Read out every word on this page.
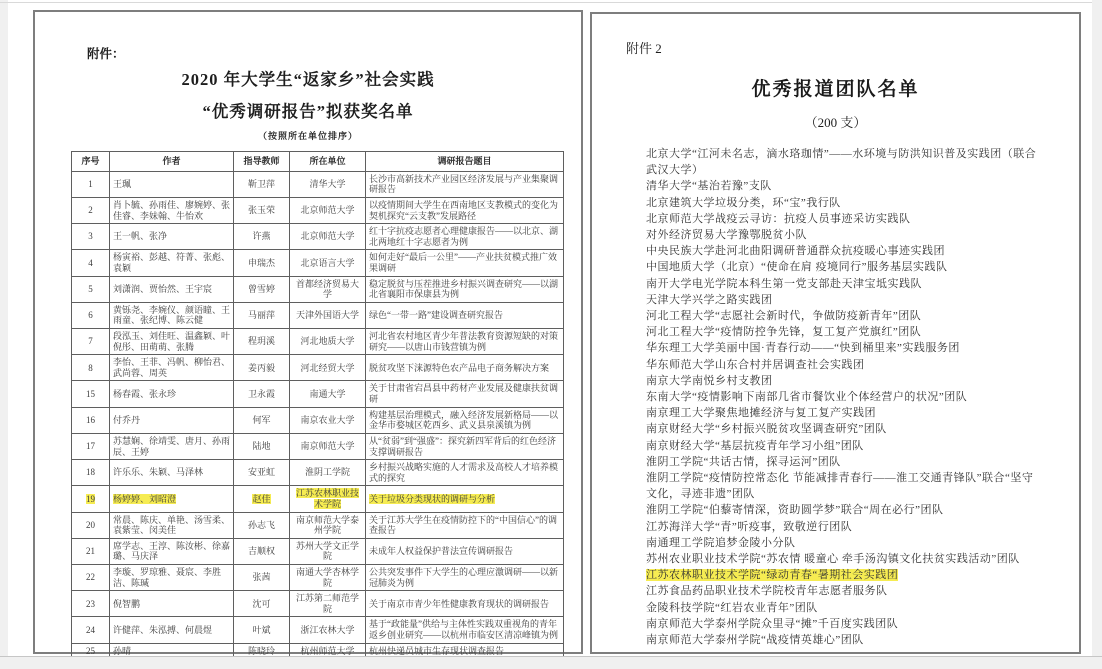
附件：
2020 年大学生“返家乡”社会实践
“优秀调研报告”拟获奖名单
（按照所在单位排序）
序号	作者	指导教师	所在单位	调研报告题目
1	王珮	靳卫萍	清华大学	长沙市高新技术产业园区经济发展与产业集聚调研报告
2	肖卜毓、孙雨佳、廖婉婷、张佳睿、李妹翰、牛怡欢	张玉荣	北京师范大学	以疫情期间大学生在西南地区支教模式的变化为契机探究“云支教”发展路径
3	王一帆、张净	许燕	北京师范大学	红十字抗疫志愿者心理健康报告——以北京、湖北两地红十字志愿者为例
4	杨寅裕、彭越、符菁、张彪、袁颖	申瑞杰	北京语言大学	如何走好“最后一公里”——产业扶贫模式推广效果调研
5	刘潇润、贾怡然、王宇宸	曾雪婷	首都经济贸易大学	稳定脱贫与压茬推进乡村振兴调查研究——以湖北省襄阳市保康县为例
6	黄铄尧、李婉仪、颜语瞳、王雨童、张纪博、陈云健	马丽萍	天津外国语大学	绿色“一带一路”建设调查研究报告
7	段泓玉、刘佳旺、温鑫颖、叶倪彤、田萌萌、张腾	程玥溪	河北地质大学	河北省农村地区青少年普法教育资源短缺的对策研究——以唐山市钱营镇为例
8	李怡、王菲、冯帆、柳怡君、武尚蓉、周英	姜丙毅	河北经贸大学	脱贫攻坚下涞源特色农产品电子商务解决方案
15	杨春霞、张永珍	卫永霞	南通大学	关于甘肃省宕昌县中药材产业发展及健康扶贫调研
16	付乔丹	何军	南京农业大学	构建基层治理模式，融入经济发展新格局——以金华市婺城区乾西乡、武义县泉溪镇为例
17	苏慧娴、徐靖雯、唐月、孙雨辰、王婷	陆地	南京师范大学	从“贫弱”到“强盛”：探究新四军背后的红色经济支撑调研报告
18	许乐乐、朱颖、马泽林	安亚虹	淮阴工学院	乡村振兴战略实施的人才需求及高校人才培养模式的探究
19	杨婷婷、刘昭澄	赵佳	江苏农林职业技术学院	关于垃圾分类现状的调研与分析
20	常晨、陈庆、单艳、汤雪柔、袁紫莹、闵美佳	孙志飞	南京师范大学泰州学院	关于江苏大学生在疫情防控下的“中国信心”的调查报告
21	席学志、王淳、陈汝彬、徐嘉璐、马庆泽	吉顺权	苏州大学文正学院	未成年人权益保护普法宣传调研报告
22	李璇、罗琼雅、聂宸、李胜洁、陈瑊	张茜	南通大学杏林学院	公共突发事件下大学生的心理应激调研——以新冠肺炎为例
23	倪智鹏	沈可	江苏第二师范学院	关于南京市青少年性健康教育现状的调研报告
24	许健萍、朱泓搏、何晨煜	叶斌	浙江农林大学	基于“政能量”供给与主体性实践双重视角的青年返乡创业研究——以杭州市临安区清凉峰镇为例
25	孙晴	陈晓玲	杭州师范大学	杭州快递员城市生存现状调查报告
附件 2
优秀报道团队名单
（200 支）
北京大学“江河未名志，滴水珞珈情”——水环境与防洪知识普及实践团（联合武汉大学）
清华大学“基治若豫”支队
北京建筑大学垃圾分类，环“宝”我行队
北京师范大学战疫云寻访：抗疫人员事迹采访实践队
对外经济贸易大学豫鄂脱贫小队
中央民族大学赴河北曲阳调研普通群众抗疫暖心事迹实践团
中国地质大学（北京）“使命在肩 疫境同行”服务基层实践队
南开大学电光学院本科生第一党支部赴天津宝坻实践队
天津大学兴学之路实践团
河北工程大学“志愿社会新时代，争做防疫新青年”团队
河北工程大学“疫情防控争先锋，复工复产党旗红”团队
华东理工大学美丽中国·青春行动——“快到桶里来”实践服务团
华东师范大学山东合村并居调查社会实践团
南京大学南悦乡村支教团
东南大学“疫情影响下南部几省市餐饮业个体经营户的状况”团队
南京理工大学聚焦地摊经济与复工复产实践团
南京财经大学“乡村振兴脱贫攻坚调查研究”团队
南京财经大学“基层抗疫青年学习小组”团队
淮阴工学院“共话古情，探寻运河”团队
淮阴工学院“疫情防控常态化 节能减排青春行——淮工交通青锋队”联合“坚守文化，寻迹非遗”团队
淮阴工学院“伯藜寄情深，资助圆学梦”联合“周在必行”团队
江苏海洋大学“青”听疫事，致敬逆行团队
南通理工学院追梦金陵小分队
苏州农业职业技术学院“苏农情 暖童心 牵手汤沟镇文化扶贫实践活动”团队
江苏农林职业技术学院“绿动青春“暑期社会实践团
江苏食品药品职业技术学院校青年志愿者服务队
金陵科技学院“红岩农业青年”团队
南京师范大学泰州学院众里寻“摊”千百度实践团队
南京师范大学泰州学院“战疫情英雄心”团队
